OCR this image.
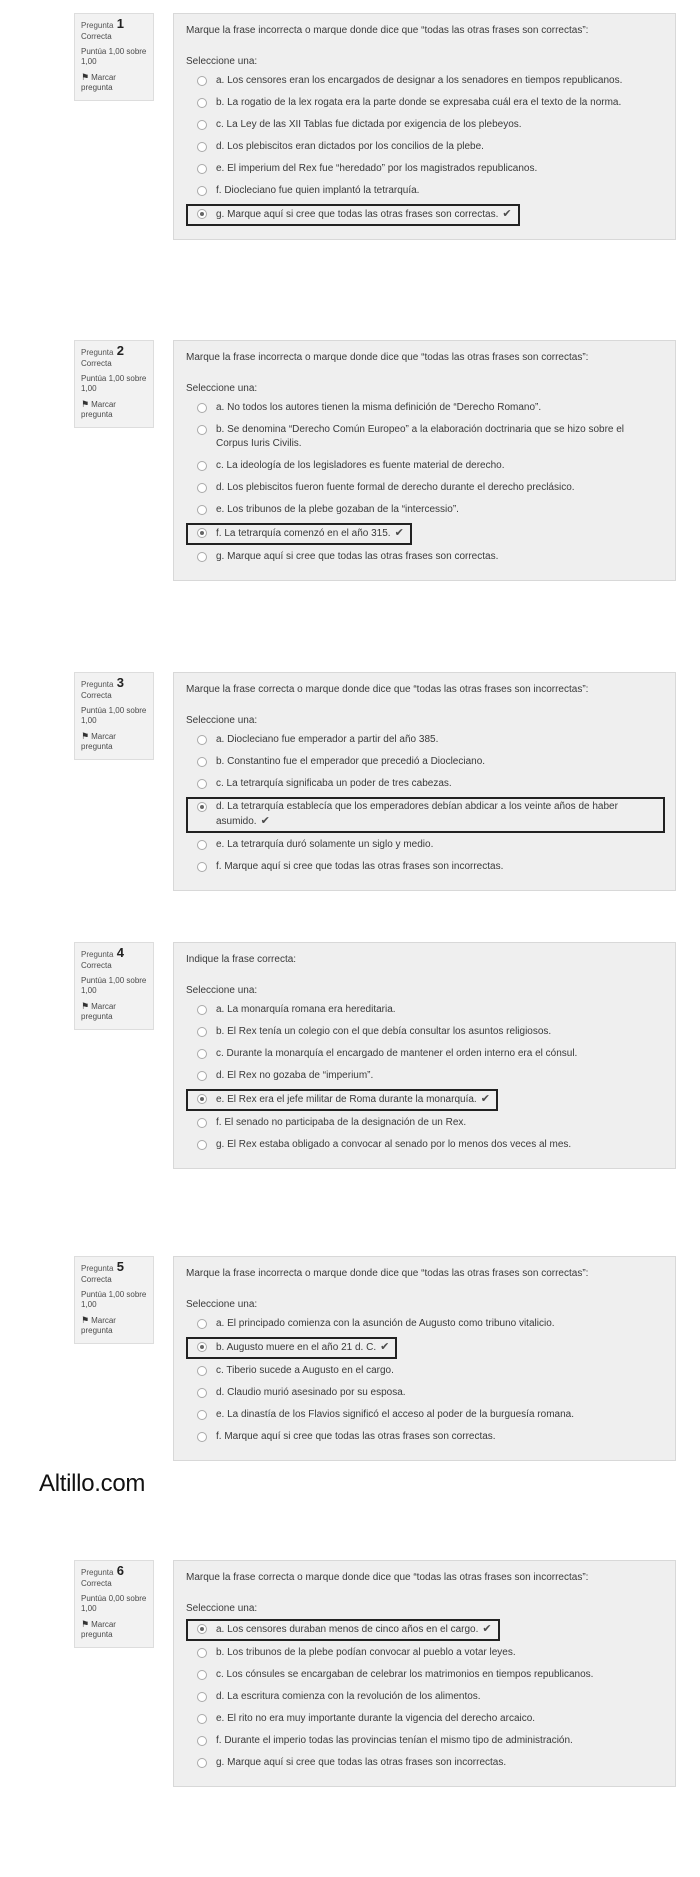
Pregunta 1
Correcta
Puntúa 1,00 sobre 1,00
⚑ Marcar pregunta

Marque la frase incorrecta o marque donde dice que “todas las otras frases son correctas”:

Seleccione una:
a. Los censores eran los encargados de designar a los senadores en tiempos republicanos.
b. La rogatio de la lex rogata era la parte donde se expresaba cuál era el texto de la norma.
c. La Ley de las XII Tablas fue dictada por exigencia de los plebeyos.
d. Los plebiscitos eran dictados por los concilios de la plebe.
e. El imperium del Rex fue “heredado” por los magistrados republicanos.
f. Diocleciano fue quien implantó la tetrarquía.
g. Marque aquí si cree que todas las otras frases son correctas. ✔
Pregunta 2
Correcta
Puntúa 1,00 sobre 1,00
⚑ Marcar pregunta

Marque la frase incorrecta o marque donde dice que “todas las otras frases son correctas”:

Seleccione una:
a. No todos los autores tienen la misma definición de “Derecho Romano”.
b. Se denomina “Derecho Común Europeo” a la elaboración doctrinaria que se hizo sobre el Corpus Iuris Civilis.
c. La ideología de los legisladores es fuente material de derecho.
d. Los plebiscitos fueron fuente formal de derecho durante el derecho preclásico.
e. Los tribunos de la plebe gozaban de la “intercessio”.
f. La tetrarquía comenzó en el año 315. ✔
g. Marque aquí si cree que todas las otras frases son correctas.
Pregunta 3
Correcta
Puntúa 1,00 sobre 1,00
⚑ Marcar pregunta

Marque la frase correcta o marque donde dice que “todas las otras frases son incorrectas”:

Seleccione una:
a. Diocleciano fue emperador a partir del año 385.
b. Constantino fue el emperador que precedió a Diocleciano.
c. La tetrarquía significaba un poder de tres cabezas.
d. La tetrarquía establecía que los emperadores debían abdicar a los veinte años de haber asumido. ✔
e. La tetrarquía duró solamente un siglo y medio.
f. Marque aquí si cree que todas las otras frases son incorrectas.
Pregunta 4
Correcta
Puntúa 1,00 sobre 1,00
⚑ Marcar pregunta

Indique la frase correcta:

Seleccione una:
a. La monarquía romana era hereditaria.
b. El Rex tenía un colegio con el que debía consultar los asuntos religiosos.
c. Durante la monarquía el encargado de mantener el orden interno era el cónsul.
d. El Rex no gozaba de “imperium”.
e. El Rex era el jefe militar de Roma durante la monarquía. ✔
f. El senado no participaba de la designación de un Rex.
g. El Rex estaba obligado a convocar al senado por lo menos dos veces al mes.
Pregunta 5
Correcta
Puntúa 1,00 sobre 1,00
⚑ Marcar pregunta

Marque la frase incorrecta o marque donde dice que “todas las otras frases son correctas”:

Seleccione una:
a. El principado comienza con la asunción de Augusto como tribuno vitalicio.
b. Augusto muere en el año 21 d. C. ✔
c. Tiberio sucede a Augusto en el cargo.
d. Claudio murió asesinado por su esposa.
e. La dinastía de los Flavios significó el acceso al poder de la burguesía romana.
f. Marque aquí si cree que todas las otras frases son correctas.
Pregunta 6
Correcta
Puntúa 0,00 sobre 1,00
⚑ Marcar pregunta

Marque la frase correcta o marque donde dice que “todas las otras frases son incorrectas”:

Seleccione una:
a. Los censores duraban menos de cinco años en el cargo. ✔
b. Los tribunos de la plebe podían convocar al pueblo a votar leyes.
c. Los cónsules se encargaban de celebrar los matrimonios en tiempos republicanos.
d. La escritura comienza con la revolución de los alimentos.
e. El rito no era muy importante durante la vigencia del derecho arcaico.
f. Durante el imperio todas las provincias tenían el mismo tipo de administración.
g. Marque aquí si cree que todas las otras frases son incorrectas.
Altillo.com
